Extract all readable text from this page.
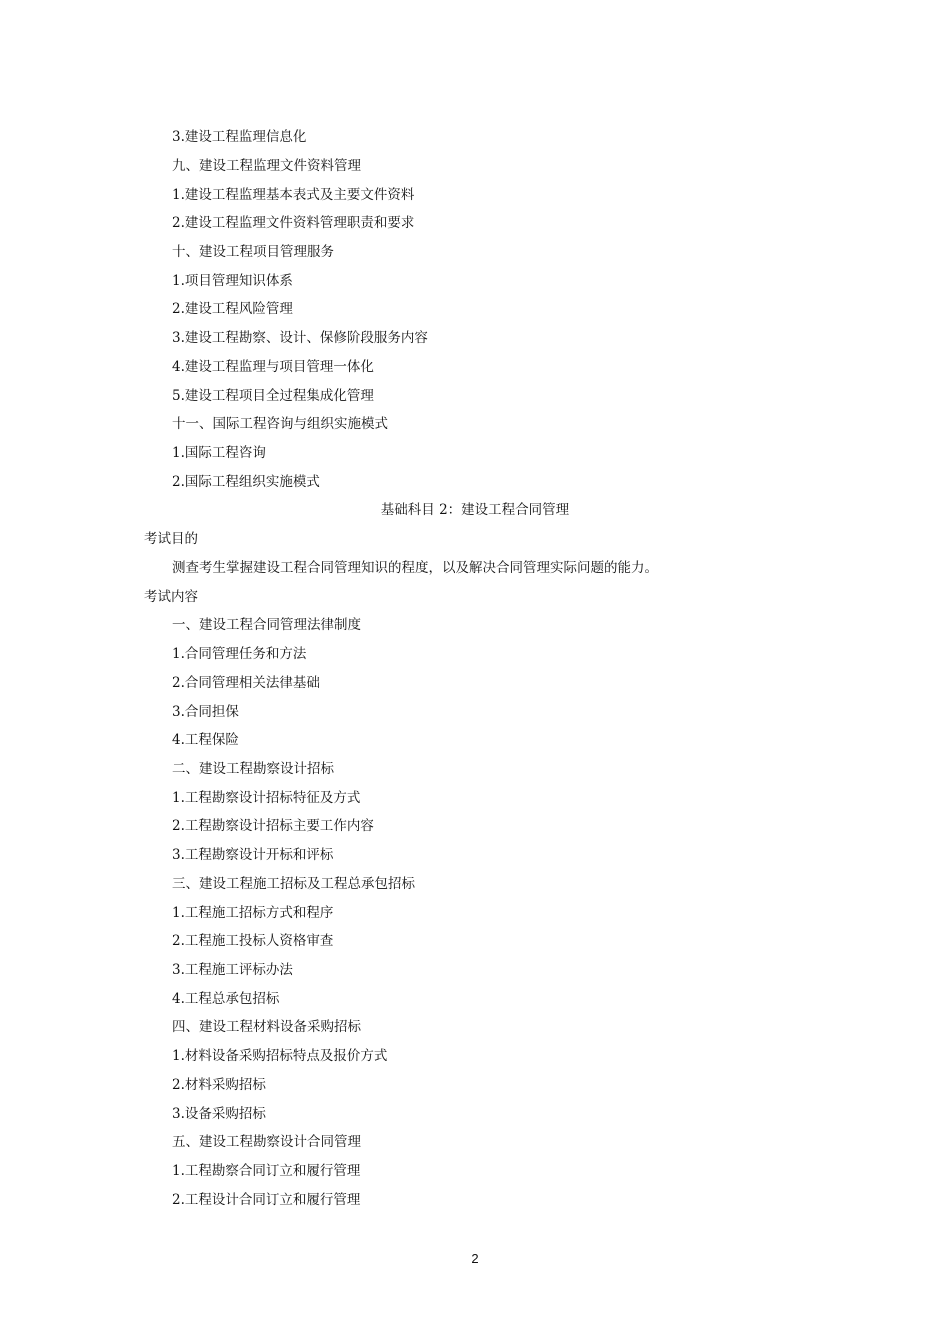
3.建设工程监理信息化
九、建设工程监理文件资料管理
1.建设工程监理基本表式及主要文件资料
2.建设工程监理文件资料管理职责和要求
十、建设工程项目管理服务
1.项目管理知识体系
2.建设工程风险管理
3.建设工程勘察、设计、保修阶段服务内容
4.建设工程监理与项目管理一体化
5.建设工程项目全过程集成化管理
十一、国际工程咨询与组织实施模式
1.国际工程咨询
2.国际工程组织实施模式
基础科目 2：建设工程合同管理
考试目的
测查考生掌握建设工程合同管理知识的程度，以及解决合同管理实际问题的能力。
考试内容
一、建设工程合同管理法律制度
1.合同管理任务和方法
2.合同管理相关法律基础
3.合同担保
4.工程保险
二、建设工程勘察设计招标
1.工程勘察设计招标特征及方式
2.工程勘察设计招标主要工作内容
3.工程勘察设计开标和评标
三、建设工程施工招标及工程总承包招标
1.工程施工招标方式和程序
2.工程施工投标人资格审查
3.工程施工评标办法
4.工程总承包招标
四、建设工程材料设备采购招标
1.材料设备采购招标特点及报价方式
2.材料采购招标
3.设备采购招标
五、建设工程勘察设计合同管理
1.工程勘察合同订立和履行管理
2.工程设计合同订立和履行管理
2
